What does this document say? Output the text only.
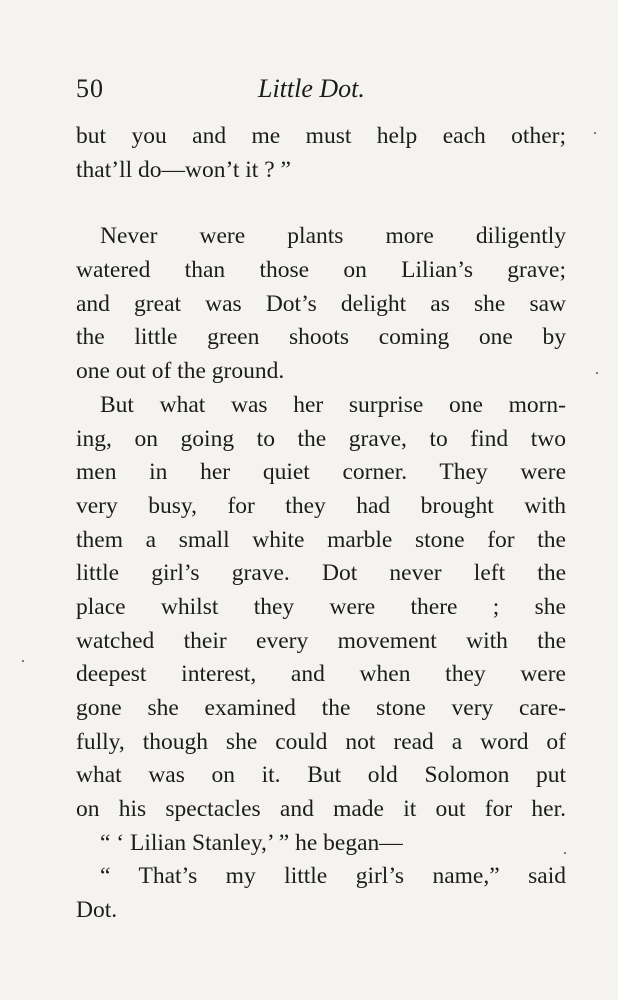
50	Little Dot.
but you and me must help each other;
that’ll do—won’t it ? ”
Never were plants more diligently
watered than those on Lilian’s grave;
and great was Dot’s delight as she saw
the little green shoots coming one by
one out of the ground.
But what was her surprise one morn-
ing, on going to the grave, to find two
men in her quiet corner. They were
very busy, for they had brought with
them a small white marble stone for the
little girl’s grave. Dot never left the
place whilst they were there ; she
watched their every movement with the
deepest interest, and when they were
gone she examined the stone very care-
fully, though she could not read a word of
what was on it. But old Solomon put
on his spectacles and made it out for her.
“ ‘ Lilian Stanley,’ ” he began—
“ That’s my little girl’s name,” said
Dot.
